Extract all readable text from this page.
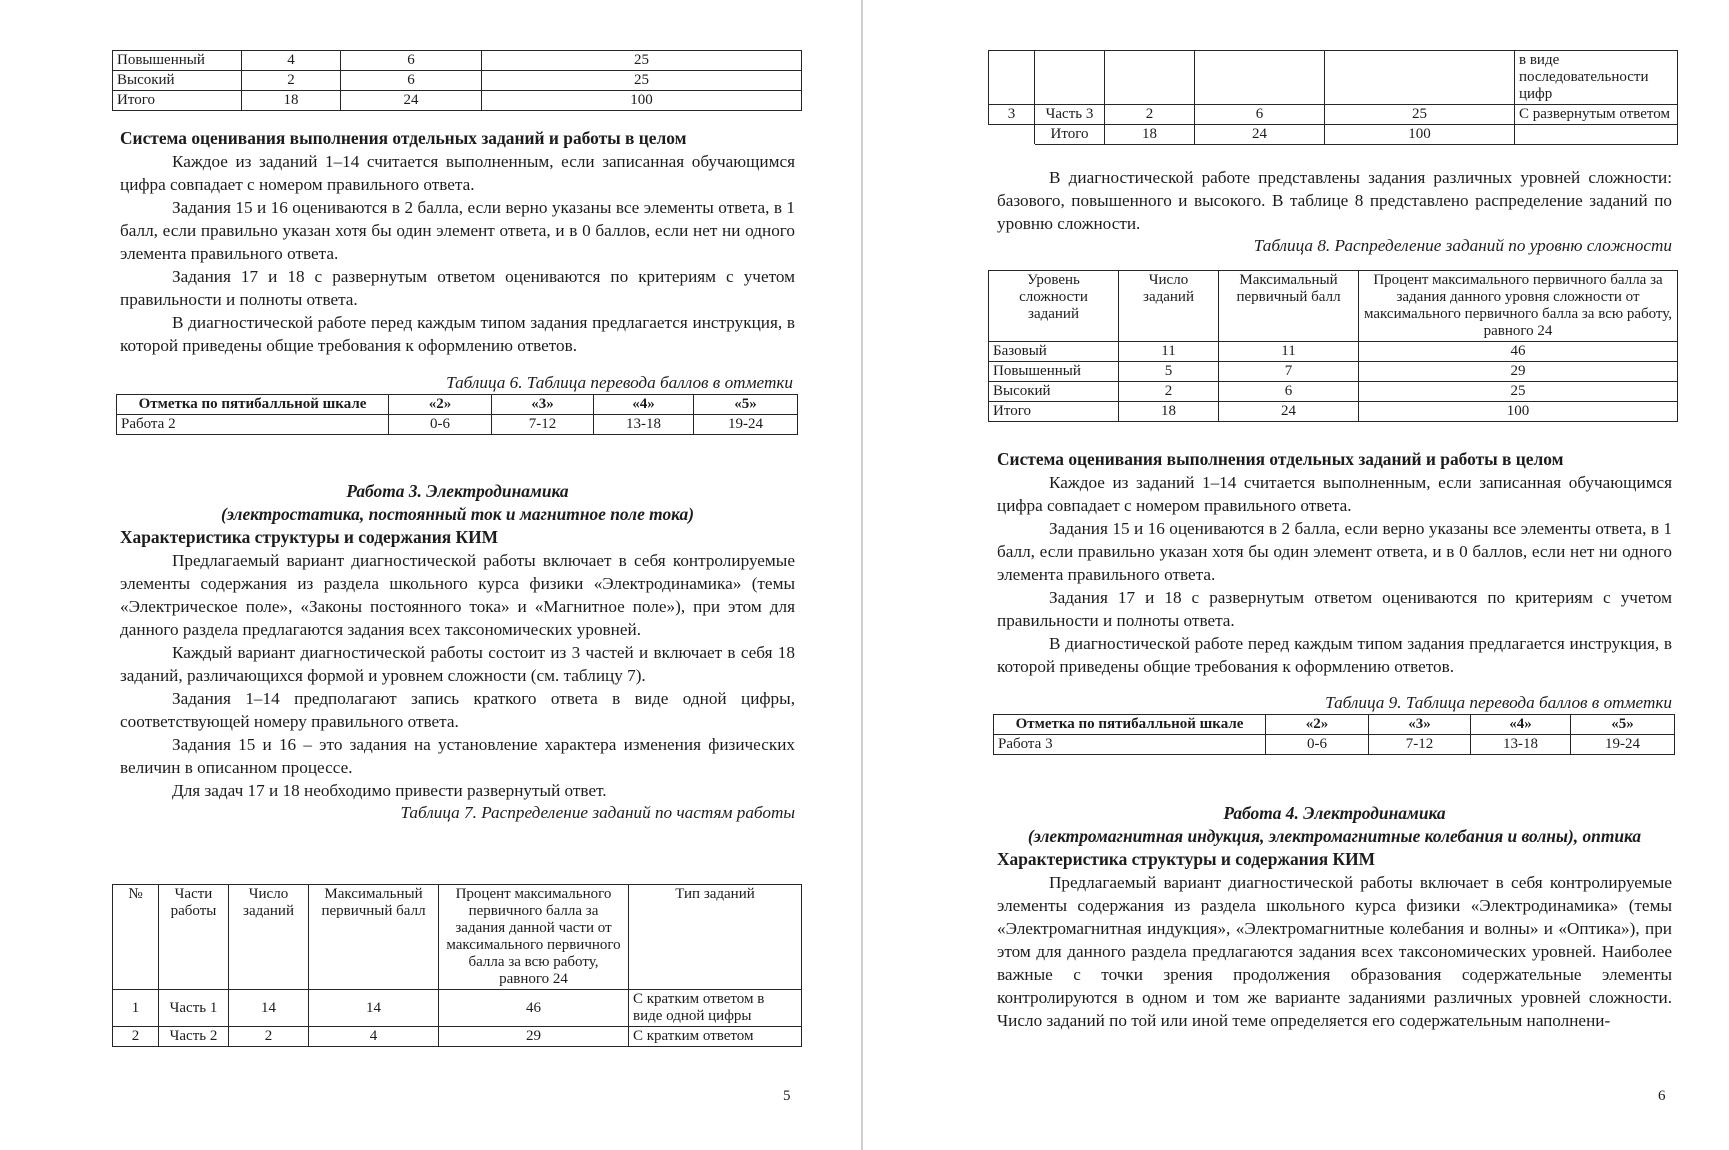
Повышенный	4	6	25
Высокий	2	6	25
Итого	18	24	100

Система оценивания выполнения отдельных заданий и работы в целом

Каждое из заданий 1–14 считается выполненным, если записанная обучающимся цифра совпадает с номером правильного ответа.

Задания 15 и 16 оцениваются в 2 балла, если верно указаны все элементы ответа, в 1 балл, если правильно указан хотя бы один элемент ответа, и в 0 баллов, если нет ни одного элемента правильного ответа.

Задания 17 и 18 с развернутым ответом оцениваются по критериям с учетом правильности и полноты ответа.

В диагностической работе перед каждым типом задания предлагается инструкция, в которой приведены общие требования к оформлению ответов.

Таблица 6. Таблица перевода баллов в отметки
Отметка по пятибалльной шкале	«2»	«3»	«4»	«5»
Работа 2	0-6	7-12	13-18	19-24

Работа 3. Электродинамика

(электростатика, постоянный ток и магнитное поле тока)

Характеристика структуры и содержания КИМ

Предлагаемый вариант диагностической работы включает в себя контролируемые элементы содержания из раздела школьного курса физики «Электродинамика» (темы «Электрическое поле», «Законы постоянного тока» и «Магнитное поле»), при этом для данного раздела предлагаются задания всех таксономических уровней.

Каждый вариант диагностической работы состоит из 3 частей и включает в себя 18 заданий, различающихся формой и уровнем сложности (см. таблицу 7).

Задания 1–14 предполагают запись краткого ответа в виде одной цифры, соответствующей номеру правильного ответа.

Задания 15 и 16 – это задания на установление характера изменения физических величин в описанном процессе.

Для задач 17 и 18 необходимо привести развернутый ответ.

Таблица 7. Распределение заданий по частям работы

№	Части работы	Число заданий	Максимальный первичный балл	Процент максимального первичного балла за задания данной части от максимального первичного балла за всю работу, равного 24	Тип заданий
1	Часть 1	14	14	46	С кратким ответом в виде одной цифры
2	Часть 2	2	4	29	С кратким ответом
5
					в виде последовательности цифр
3	Часть 3	2	6	25	С развернутым ответом
	Итого	18	24	100	

В диагностической работе представлены задания различных уровней сложности: базового, повышенного и высокого. В таблице 8 представлено распределение заданий по уровню сложности.

Таблица 8. Распределение заданий по уровню сложности

Уровень сложности заданий	Число заданий	Максимальный первичный балл	Процент максимального первичного балла за задания данного уровня сложности от максимального первичного балла за всю работу, равного 24
Базовый	11	11	46
Повышенный	5	7	29
Высокий	2	6	25
Итого	18	24	100

Система оценивания выполнения отдельных заданий и работы в целом

Каждое из заданий 1–14 считается выполненным, если записанная обучающимся цифра совпадает с номером правильного ответа.

Задания 15 и 16 оцениваются в 2 балла, если верно указаны все элементы ответа, в 1 балл, если правильно указан хотя бы один элемент ответа, и в 0 баллов, если нет ни одного элемента правильного ответа.

Задания 17 и 18 с развернутым ответом оцениваются по критериям с учетом правильности и полноты ответа.

В диагностической работе перед каждым типом задания предлагается инструкция, в которой приведены общие требования к оформлению ответов.

Таблица 9. Таблица перевода баллов в отметки
Отметка по пятибалльной шкале	«2»	«3»	«4»	«5»
Работа 3	0-6	7-12	13-18	19-24

Работа 4. Электродинамика

(электромагнитная индукция, электромагнитные колебания и волны), оптика

Характеристика структуры и содержания КИМ

Предлагаемый вариант диагностической работы включает в себя контролируемые элементы содержания из раздела школьного курса физики «Электродинамика» (темы «Электромагнитная индукция», «Электромагнитные колебания и волны» и «Оптика»), при этом для данного раздела предлагаются задания всех таксономических уровней. Наиболее важные с точки зрения продолжения образования содержательные элементы контролируются в одном и том же варианте заданиями различных уровней сложности. Число заданий по той или иной теме определяется его содержательным наполнени-

6
